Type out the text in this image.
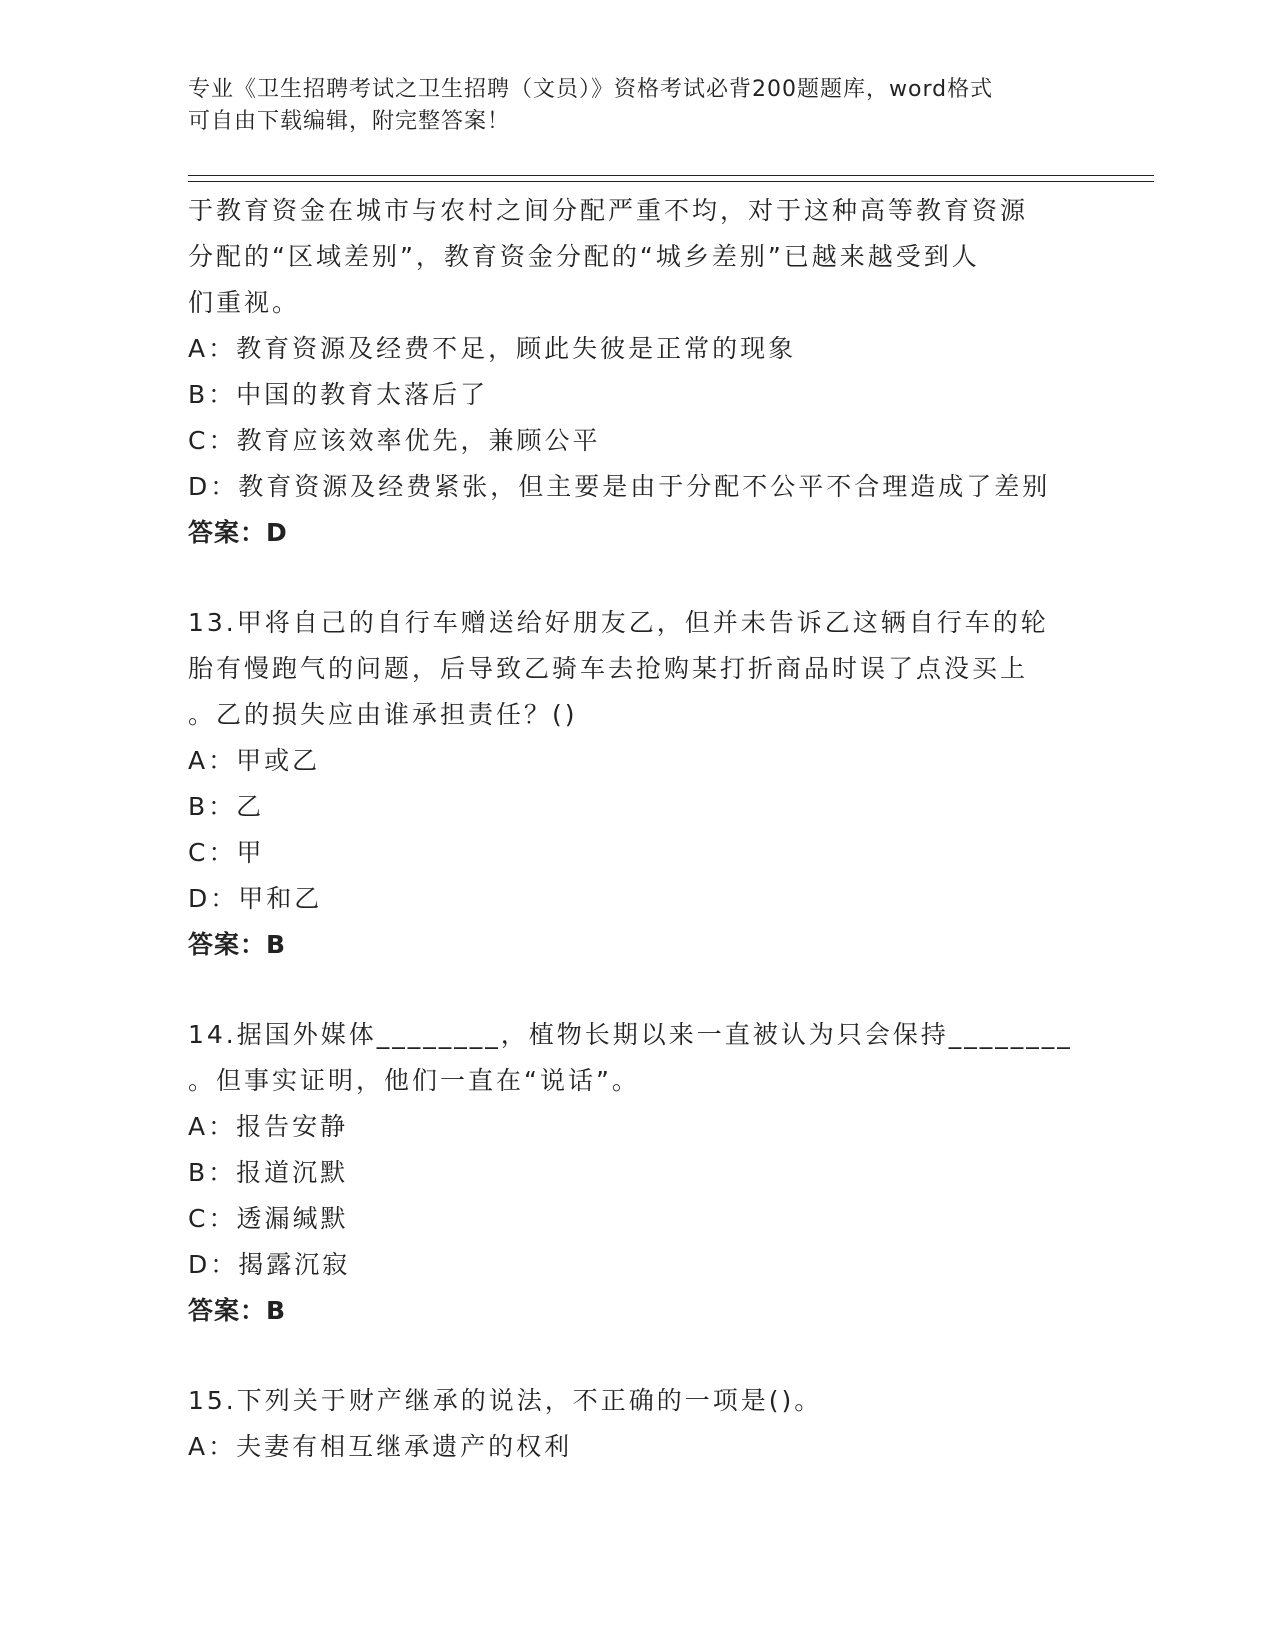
专业《卫生招聘考试之卫生招聘（文员）》资格考试必背200题题库，word格式
可自由下载编辑，附完整答案！
于教育资金在城市与农村之间分配严重不均，对于这种高等教育资源
分配的“区域差别”，教育资金分配的“城乡差别”已越来越受到人
们重视。
A：教育资源及经费不足，顾此失彼是正常的现象
B：中国的教育太落后了
C：教育应该效率优先，兼顾公平
D：教育资源及经费紧张，但主要是由于分配不公平不合理造成了差别
答案：D
13.甲将自己的自行车赠送给好朋友乙，但并未告诉乙这辆自行车的轮
胎有慢跑气的问题，后导致乙骑车去抢购某打折商品时误了点没买上
。乙的损失应由谁承担责任？()
A：甲或乙
B：乙
C：甲
D：甲和乙
答案：B
14.据国外媒体________，植物长期以来一直被认为只会保持________
。但事实证明，他们一直在“说话”。
A：报告安静
B：报道沉默
C：透漏缄默
D：揭露沉寂
答案：B
15.下列关于财产继承的说法，不正确的一项是()。
A：夫妻有相互继承遗产的权利
